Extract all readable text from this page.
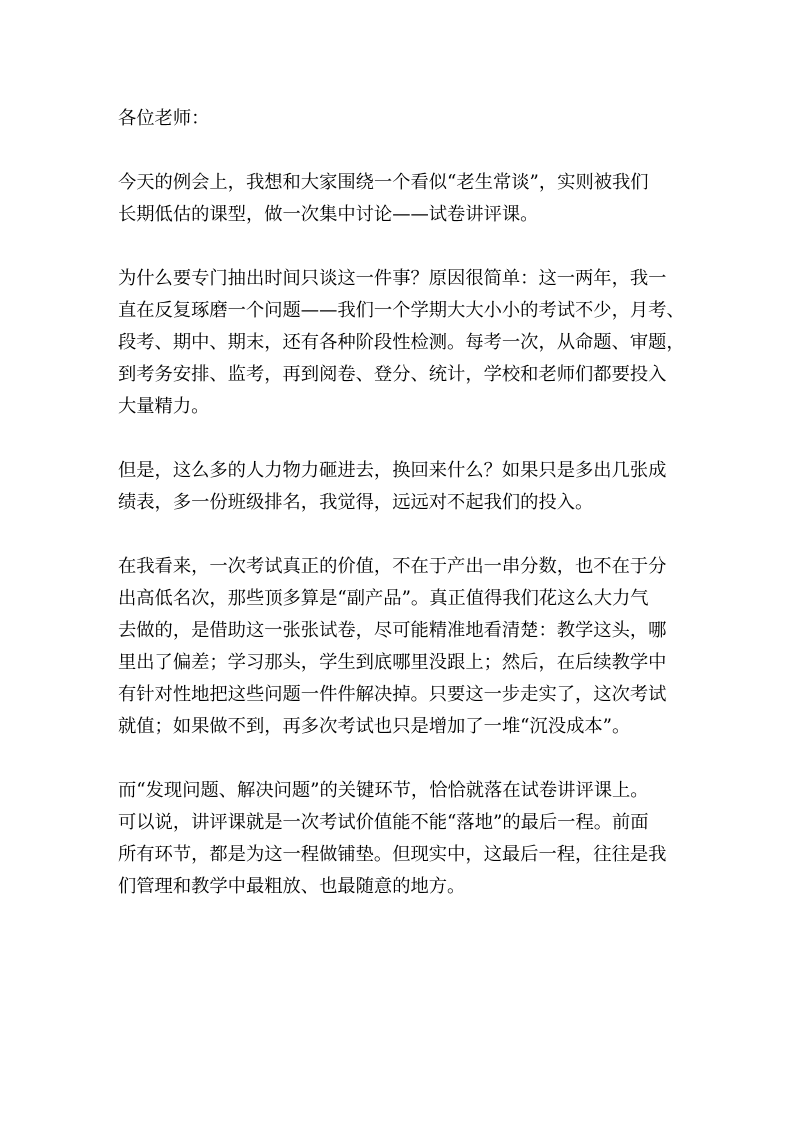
各位老师：

今天的例会上，我想和大家围绕一个看似“老生常谈”，实则被我们
长期低估的课型，做一次集中讨论——试卷讲评课。

为什么要专门抽出时间只谈这一件事？原因很简单：这一两年，我一
直在反复琢磨一个问题——我们一个学期大大小小的考试不少，月考、
段考、期中、期末，还有各种阶段性检测。每考一次，从命题、审题，
到考务安排、监考，再到阅卷、登分、统计，学校和老师们都要投入
大量精力。

但是，这么多的人力物力砸进去，换回来什么？如果只是多出几张成
绩表，多一份班级排名，我觉得，远远对不起我们的投入。

在我看来，一次考试真正的价值，不在于产出一串分数，也不在于分
出高低名次，那些顶多算是“副产品”。真正值得我们花这么大力气
去做的，是借助这一张张试卷，尽可能精准地看清楚：教学这头，哪
里出了偏差；学习那头，学生到底哪里没跟上；然后，在后续教学中
有针对性地把这些问题一件件解决掉。只要这一步走实了，这次考试
就值；如果做不到，再多次考试也只是增加了一堆“沉没成本”。

而“发现问题、解决问题”的关键环节，恰恰就落在试卷讲评课上。
可以说，讲评课就是一次考试价值能不能“落地”的最后一程。前面
所有环节，都是为这一程做铺垫。但现实中，这最后一程，往往是我
们管理和教学中最粗放、也最随意的地方。
